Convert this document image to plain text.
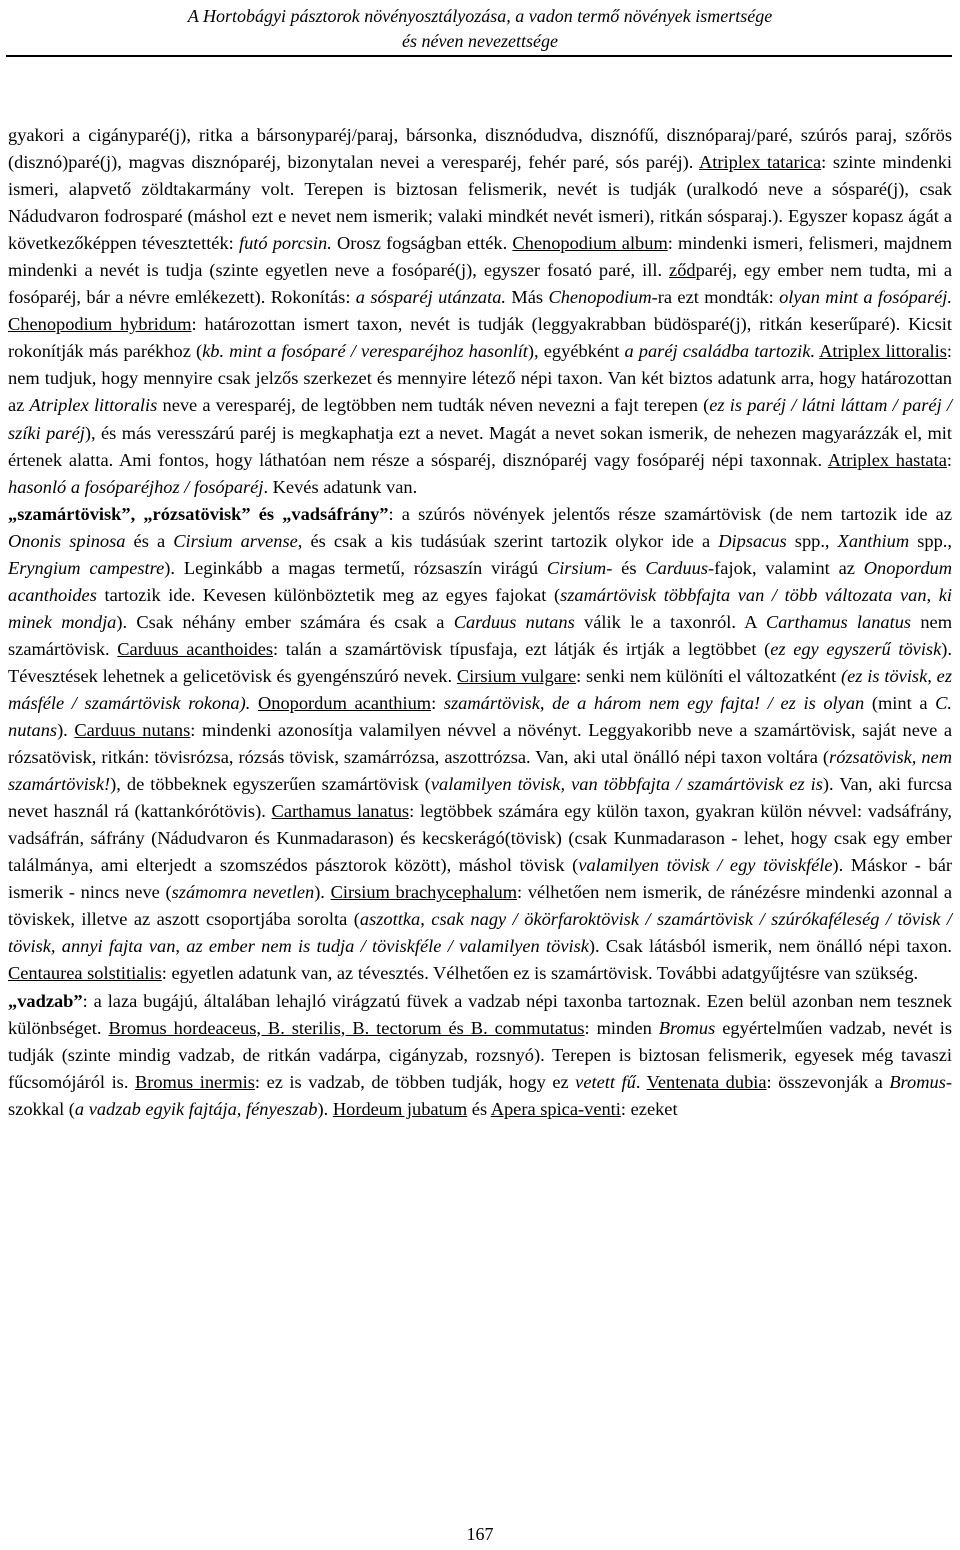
A Hortobágyi pásztorok növényosztályozása, a vadon termő növények ismertsége
és néven nevezettsége

gyakori a cigányparé(j), ritka a bársonyparéj/paraj, bársonka, disznódudva, disznófű, disznóparaj/paré, szúrós paraj, szőrös (disznó)paré(j), magvas disznóparéj, bizonytalan nevei a veresparéj, fehér paré, sós paréj). Atriplex tatarica: szinte mindenki ismeri, alapvető zöldtakarmány volt. Terepen is biztosan felismerik, nevét is tudják (uralkodó neve a sósparé(j), csak Nádudvaron fodrosparé (máshol ezt e nevet nem ismerik; valaki mindkét nevét ismeri), ritkán sósparaj.). Egyszer kopasz ágát a következőképpen tévesztették: futó porcsin. Orosz fogságban ették. Chenopodium album: mindenki ismeri, felismeri, majdnem mindenki a nevét is tudja (szinte egyetlen neve a fosóparé(j), egyszer fosató paré, ill. ződparéj, egy ember nem tudta, mi a fosóparéj, bár a névre emlékezett). Rokonítás: a sósparéj utánzata. Más Chenopodium-ra ezt mondták: olyan mint a fosóparéj. Chenopodium hybridum: határozottan ismert taxon, nevét is tudják (leggyakrabban büdösparé(j), ritkán keserűparé). Kicsit rokonítják más parékhoz (kb. mint a fosóparé / veresparéjhoz hasonlít), egyébként a paréj családba tartozik. Atriplex littoralis: nem tudjuk, hogy mennyire csak jelzős szerkezet és mennyire létező népi taxon. Van két biztos adatunk arra, hogy határozottan az Atriplex littoralis neve a veresparéj, de legtöbben nem tudták néven nevezni a fajt terepen (ez is paréj / látni láttam / paréj / szíki paréj), és más veresszárú paréj is megkaphatja ezt a nevet. Magát a nevet sokan ismerik, de nehezen magyarázzák el, mit értenek alatta. Ami fontos, hogy láthatóan nem része a sósparéj, disznóparéj vagy fosóparéj népi taxonnak. Atriplex hastata: hasonló a fosóparéjhoz / fosóparéj. Kevés adatunk van.

„szamártövisk”, „rózsatövisk” és „vadsáfrány”: a szúrós növények jelentős része szamártövisk (de nem tartozik ide az Ononis spinosa és a Cirsium arvense, és csak a kis tudásúak szerint tartozik olykor ide a Dipsacus spp., Xanthium spp., Eryngium campestre). Leginkább a magas termetű, rózsaszín virágú Cirsium- és Carduus-fajok, valamint az Onopordum acanthoides tartozik ide. Kevesen különböztetik meg az egyes fajokat (szamártövisk többfajta van / több változata van, ki minek mondja). Csak néhány ember számára és csak a Carduus nutans válik le a taxonról. A Carthamus lanatus nem szamártövisk. Carduus acanthoides: talán a szamártövisk típusfaja, ezt látják és irtják a legtöbbet (ez egy egyszerű tövisk). Tévesztések lehetnek a gelicetövisk és gyengénszúró nevek. Cirsium vulgare: senki nem különíti el változatként (ez is tövisk, ez másféle / szamártövisk rokona). Onopordum acanthium: szamártövisk, de a három nem egy fajta! / ez is olyan (mint a C. nutans). Carduus nutans: mindenki azonosítja valamilyen névvel a növényt. Leggyakoribb neve a szamártövisk, saját neve a rózsatövisk, ritkán: tövisrózsa, rózsás tövisk, szamárrózsa, aszottrózsa. Van, aki utal önálló népi taxon voltára (rózsatövisk, nem szamártövisk!), de többeknek egyszerűen szamártövisk (valamilyen tövisk, van többfajta / szamártövisk ez is). Van, aki furcsa nevet használ rá (kattankórótövis). Carthamus lanatus: legtöbbek számára egy külön taxon, gyakran külön névvel: vadsáfrány, vadsáfrán, sáfrány (Nádudvaron és Kunmadarason) és kecskerágó(tövisk) (csak Kunmadarason - lehet, hogy csak egy ember találmánya, ami elterjedt a szomszédos pásztorok között), máshol tövisk (valamilyen tövisk / egy töviskféle). Máskor - bár ismerik - nincs neve (számomra nevetlen). Cirsium brachycephalum: vélhetően nem ismerik, de ránézésre mindenki azonnal a töviskek, illetve az aszott csoportjába sorolta (aszottka, csak nagy / ökörfaroktövisk / szamártövisk / szúrókaféleség / tövisk / tövisk, annyi fajta van, az ember nem is tudja / töviskféle / valamilyen tövisk). Csak látásból ismerik, nem önálló népi taxon. Centaurea solstitialis: egyetlen adatunk van, az tévesztés. Vélhetően ez is szamártövisk. További adatgyűjtésre van szükség.

„vadzab”: a laza bugájú, általában lehajló virágzatú füvek a vadzab népi taxonba tartoznak. Ezen belül azonban nem tesznek különbséget. Bromus hordeaceus, B. sterilis, B. tectorum és B. commutatus: minden Bromus egyértelműen vadzab, nevét is tudják (szinte mindig vadzab, de ritkán vadárpa, cigányzab, rozsnyó). Terepen is biztosan felismerik, egyesek még tavaszi fűcsomójáról is. Bromus inermis: ez is vadzab, de többen tudják, hogy ez vetett fű. Ventenata dubia: összevonják a Bromus-szokkal (a vadzab egyik fajtája, fényeszab). Hordeum jubatum és Apera spica-venti: ezeket

167
